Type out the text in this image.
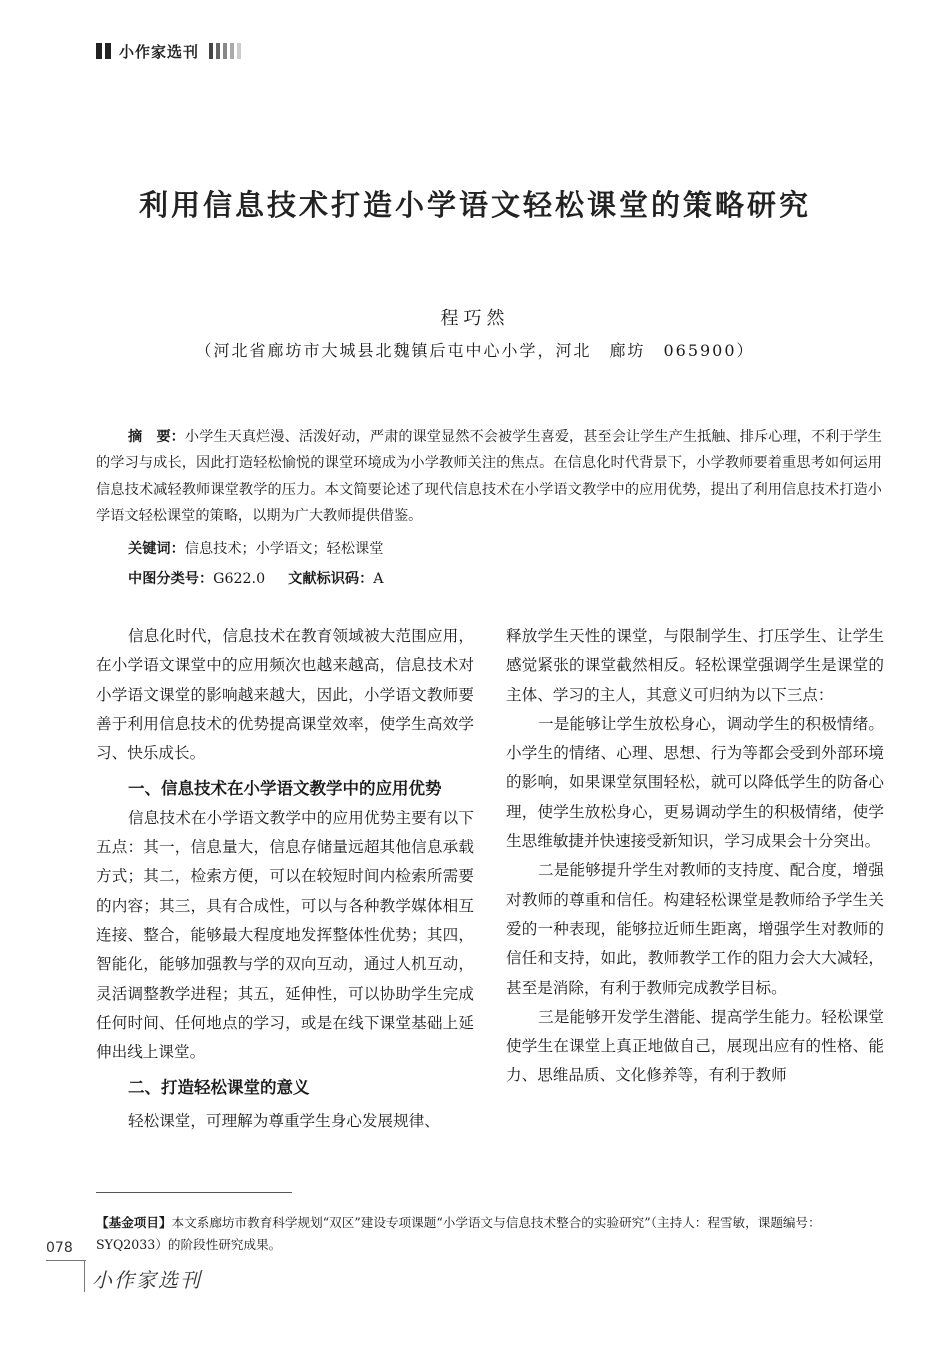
小作家选刊
利用信息技术打造小学语文轻松课堂的策略研究
程巧然
（河北省廊坊市大城县北魏镇后屯中心小学，河北　廊坊　065900）

摘　要：小学生天真烂漫、活泼好动，严肃的课堂显然不会被学生喜爱，甚至会让学生产生抵触、排斥心理，不利于学生的学习与成长，因此打造轻松愉悦的课堂环境成为小学教师关注的焦点。在信息化时代背景下，小学教师要着重思考如何运用信息技术减轻教师课堂教学的压力。本文简要论述了现代信息技术在小学语文教学中的应用优势，提出了利用信息技术打造小学语文轻松课堂的策略，以期为广大教师提供借鉴。

关键词：信息技术；小学语文；轻松课堂
中图分类号：G622.0 文献标识码：A

信息化时代，信息技术在教育领域被大范围应用，在小学语文课堂中的应用频次也越来越高，信息技术对小学语文课堂的影响越来越大，因此，小学语文教师要善于利用信息技术的优势提高课堂效率，使学生高效学习、快乐成长。

一、信息技术在小学语文教学中的应用优势

信息技术在小学语文教学中的应用优势主要有以下五点：其一，信息量大，信息存储量远超其他信息承载方式；其二，检索方便，可以在较短时间内检索所需要的内容；其三，具有合成性，可以与各种教学媒体相互连接、整合，能够最大程度地发挥整体性优势；其四，智能化，能够加强教与学的双向互动，通过人机互动，灵活调整教学进程；其五，延伸性，可以协助学生完成任何时间、任何地点的学习，或是在线下课堂基础上延伸出线上课堂。

二、打造轻松课堂的意义

轻松课堂，可理解为尊重学生身心发展规律、

释放学生天性的课堂，与限制学生、打压学生、让学生感觉紧张的课堂截然相反。轻松课堂强调学生是课堂的主体、学习的主人，其意义可归纳为以下三点：

一是能够让学生放松身心，调动学生的积极情绪。小学生的情绪、心理、思想、行为等都会受到外部环境的影响，如果课堂氛围轻松，就可以降低学生的防备心理，使学生放松身心，更易调动学生的积极情绪，使学生思维敏捷并快速接受新知识，学习成果会十分突出。

二是能够提升学生对教师的支持度、配合度，增强对教师的尊重和信任。构建轻松课堂是教师给予学生关爱的一种表现，能够拉近师生距离，增强学生对教师的信任和支持，如此，教师教学工作的阻力会大大减轻，甚至是消除，有利于教师完成教学目标。

三是能够开发学生潜能、提高学生能力。轻松课堂使学生在课堂上真正地做自己，展现出应有的性格、能力、思维品质、文化修养等，有利于教师

【基金项目】本文系廊坊市教育科学规划“双区”建设专项课题“小学语文与信息技术整合的实验研究”（主持人：程雪敏，课题编号：SYQ2033）的阶段性研究成果。
078
小作家选刊
